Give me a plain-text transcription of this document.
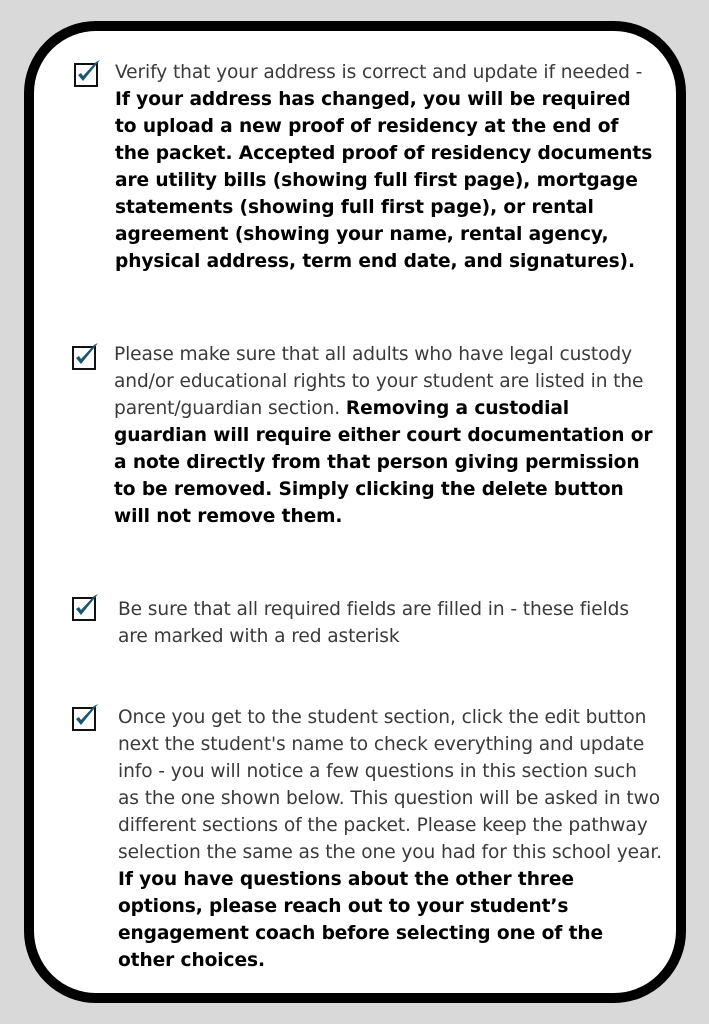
Verify that your address is correct and update if needed - If your address has changed, you will be required to upload a new proof of residency at the end of the packet. Accepted proof of residency documents are utility bills (showing full first page), mortgage statements (showing full first page), or rental agreement (showing your name, rental agency, physical address, term end date, and signatures).
Please make sure that all adults who have legal custody and/or educational rights to your student are listed in the parent/guardian section. Removing a custodial guardian will require either court documentation or a note directly from that person giving permission to be removed. Simply clicking the delete button will not remove them.
Be sure that all required fields are filled in - these fields are marked with a red asterisk
Once you get to the student section, click the edit button next the student's name to check everything and update info - you will notice a few questions in this section such as the one shown below. This question will be asked in two different sections of the packet. Please keep the pathway selection the same as the one you had for this school year. If you have questions about the other three options, please reach out to your student’s engagement coach before selecting one of the other choices.
